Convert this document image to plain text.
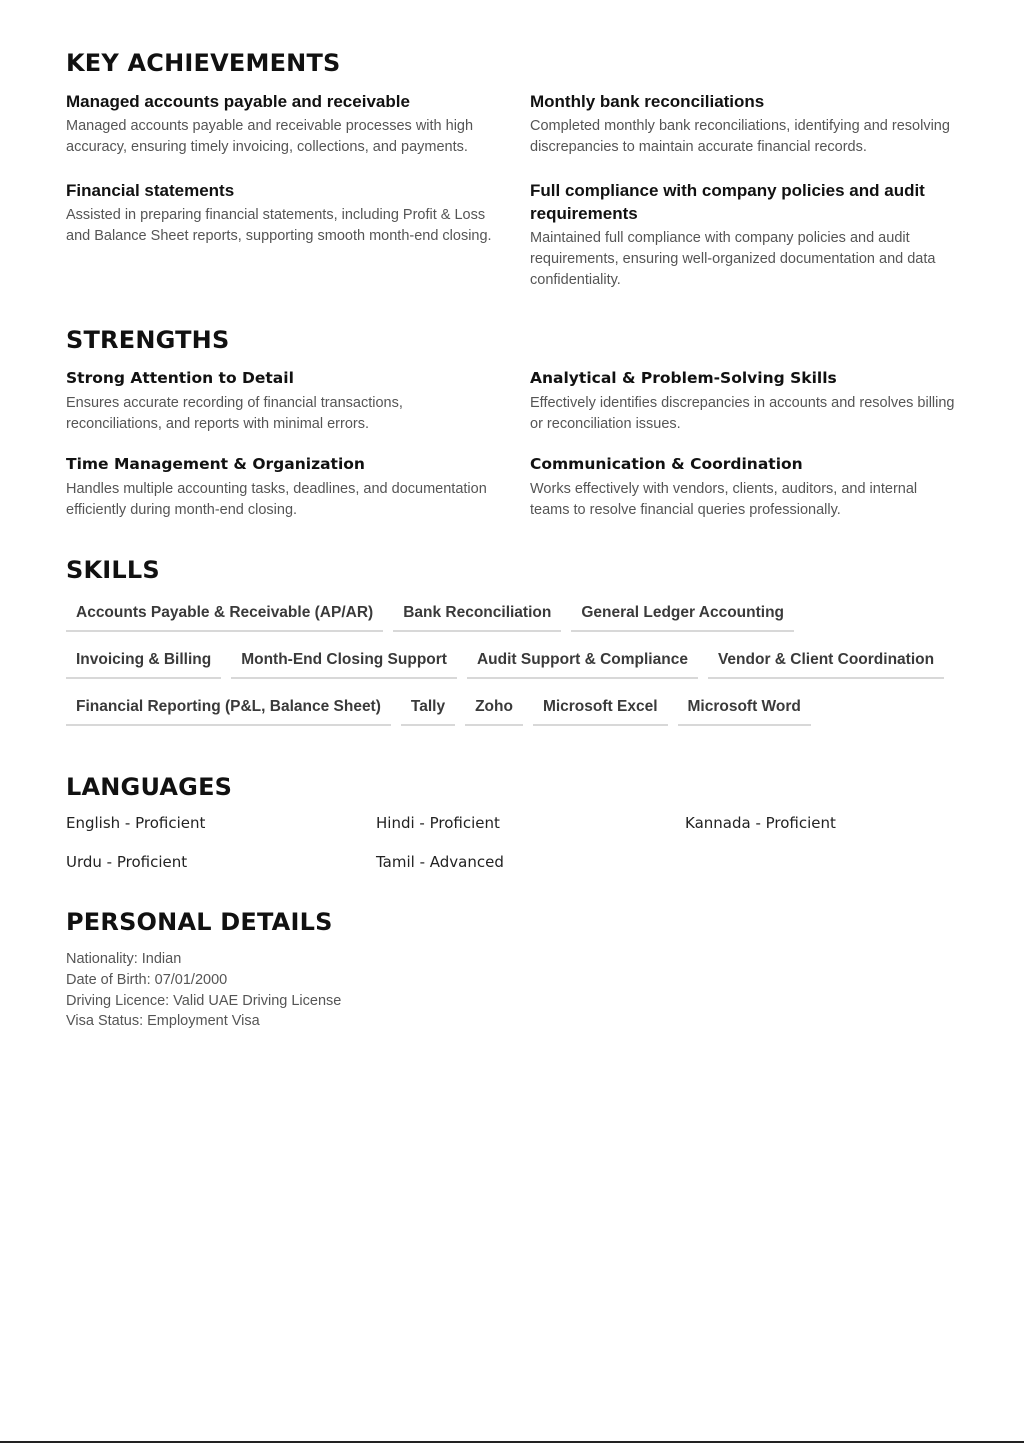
KEY ACHIEVEMENTS

Managed accounts payable and receivable

Managed accounts payable and receivable processes with high accuracy, ensuring timely invoicing, collections, and payments.

Monthly bank reconciliations

Completed monthly bank reconciliations, identifying and resolving discrepancies to maintain accurate financial records.

Financial statements

Assisted in preparing financial statements, including Profit & Loss and Balance Sheet reports, supporting smooth month-end closing.

Full compliance with company policies and audit requirements

Maintained full compliance with company policies and audit requirements, ensuring well-organized documentation and data confidentiality.

STRENGTHS

Strong Attention to Detail

Ensures accurate recording of financial transactions, reconciliations, and reports with minimal errors.

Analytical & Problem-Solving Skills

Effectively identifies discrepancies in accounts and resolves billing or reconciliation issues.

Time Management & Organization

Handles multiple accounting tasks, deadlines, and documentation efficiently during month-end closing.

Communication & Coordination

Works effectively with vendors, clients, auditors, and internal teams to resolve financial queries professionally.

SKILLS
Accounts Payable & Receivable (AP/AR)	Bank Reconciliation	General Ledger Accounting
Invoicing & Billing	Month-End Closing Support	Audit Support & Compliance	Vendor & Client Coordination
Financial Reporting (P&L, Balance Sheet)	Tally	Zoho	Microsoft Excel	Microsoft Word
LANGUAGES
English - Proficient	Hindi - Proficient	Kannada - Proficient
Urdu - Proficient	Tamil - Advanced
PERSONAL DETAILS
Nationality: Indian
Date of Birth: 07/01/2000
Driving Licence: Valid UAE Driving License
Visa Status: Employment Visa
